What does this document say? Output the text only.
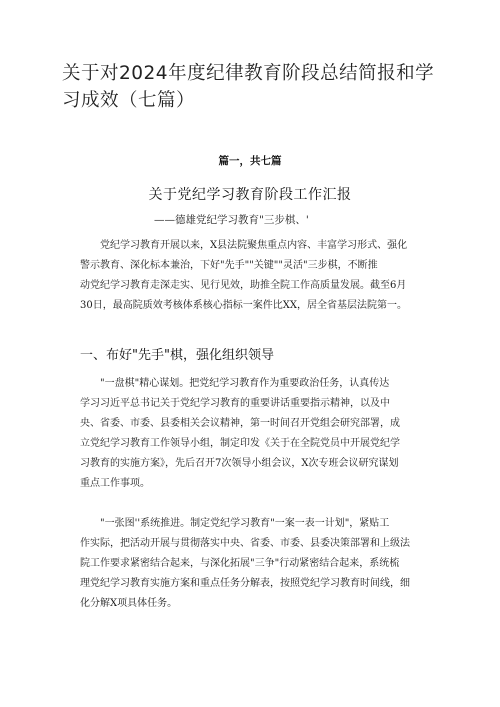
关于对2024年度纪律教育阶段总结简报和学
习成效（七篇）
篇一，共七篇
关于党纪学习教育阶段工作汇报
——德雄党纪学习教育"三步棋、'
党纪学习教育开展以来，X县法院聚焦重点内容、丰富学习形式、强化
警示教育、深化标本兼治，下好"先手""关键""灵活"三步棋，不断推
动党纪学习教育走深走实、见行见效，助推全院工作高质量发展。截至6月
30日，最高院质效考核体系核心指标一案件比XX，居全省基层法院第一。
一、布好"先手"棋，强化组织领导
"一盘棋"精心谋划。把党纪学习教育作为重要政治任务，认真传达
学习习近平总书记关于党纪学习教育的重要讲话重要指示精神，以及中
央、省委、市委、县委相关会议精神，第一时间召开党组会研究部署，成
立党纪学习教育工作领导小组，制定印发《关于在全院党员中开展党纪学
习教育的实施方案》，先后召开7次领导小组会议，X次专班会议研究谋划
重点工作事项。
"一张图''系统推进。制定党纪学习教育"一案一表一计划"，紧贴工
作实际，把活动开展与贯彻落实中央、省委、市委、县委决策部署和上级法
院工作要求紧密结合起来，与深化拓展"三争"行动紧密结合起来，系统梳
理党纪学习教育实施方案和重点任务分解表，按照党纪学习教育时间线，细
化分解X项具体任务。
